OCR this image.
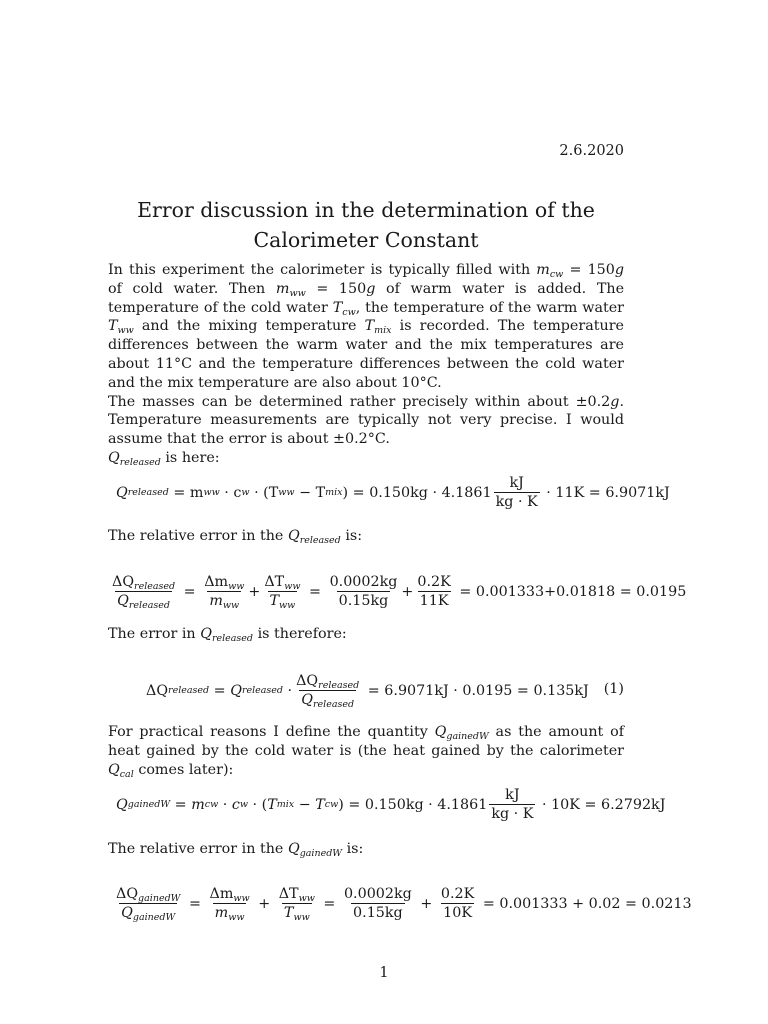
2.6.2020
Error discussion in the determination of the Calorimeter Constant

In this experiment the calorimeter is typically filled with $m_{cw} = 150g$ of cold water. Then $m_{ww} = 150g$ of warm water is added. The temperature of the cold water $T_{cw}$, the temperature of the warm water $T_{ww}$ and the mixing temperature $T_{mix}$ is recorded. The temperature differences between the warm water and the mix temperatures are about 11°C and the temperature differences between the cold water and the mix temperature are also about 10°C.

The masses can be determined rather precisely within about ±0.2g. Temperature measurements are typically not very precise. I would assume that the error is about ±0.2°C.

$Q_{released}$ is here:

Q released
= m ww
· c w
· (T ww
− T mix ) = $0.150kg \cdot 4.1861 \frac{kJ}{kg \cdot K}$
· 11K = 6.9071kJ
The relative error in the $Q_{released}$ is:
$\frac{\Delta Q_{released}}{Q_{released}} = \frac{\Delta m_{ww}}{m_{ww}} + \frac{\Delta T_{ww}}{T_{ww}} = \frac{0.0002kg}{0.15kg} + \frac{0.2K}{11K}$
= 0.001333+0.01818 = 0.0195
The error in $Q_{released}$ is therefore:
ΔQ released = Q released · $\frac{\Delta Q_{released}}{Q_{released}}$
= 6.9071kJ · 0.0195 = 0.135kJ (1)

For practical reasons I define the quantity $Q_{gainedW}$ as the amount of heat gained by the cold water is (the heat gained by the calorimeter $Q_{cal}$ comes later):

Q gainedW = m cw · c w · ( T mix − T cw ) = $0.150kg \cdot 4.1861 \frac{kJ}{kg \cdot K}$
· 10K = 6.2792kJ
The relative error in the $Q_{gainedW}$ is:
$\frac{\Delta Q_{gainedW}}{Q_{gainedW}} = \frac{\Delta m_{ww}}{m_{ww}} + \frac{\Delta T_{ww}}{T_{ww}} = \frac{0.0002kg}{0.15kg} + \frac{0.2K}{10K}$
= 0.001333 + 0.02 = 0.0213
1
